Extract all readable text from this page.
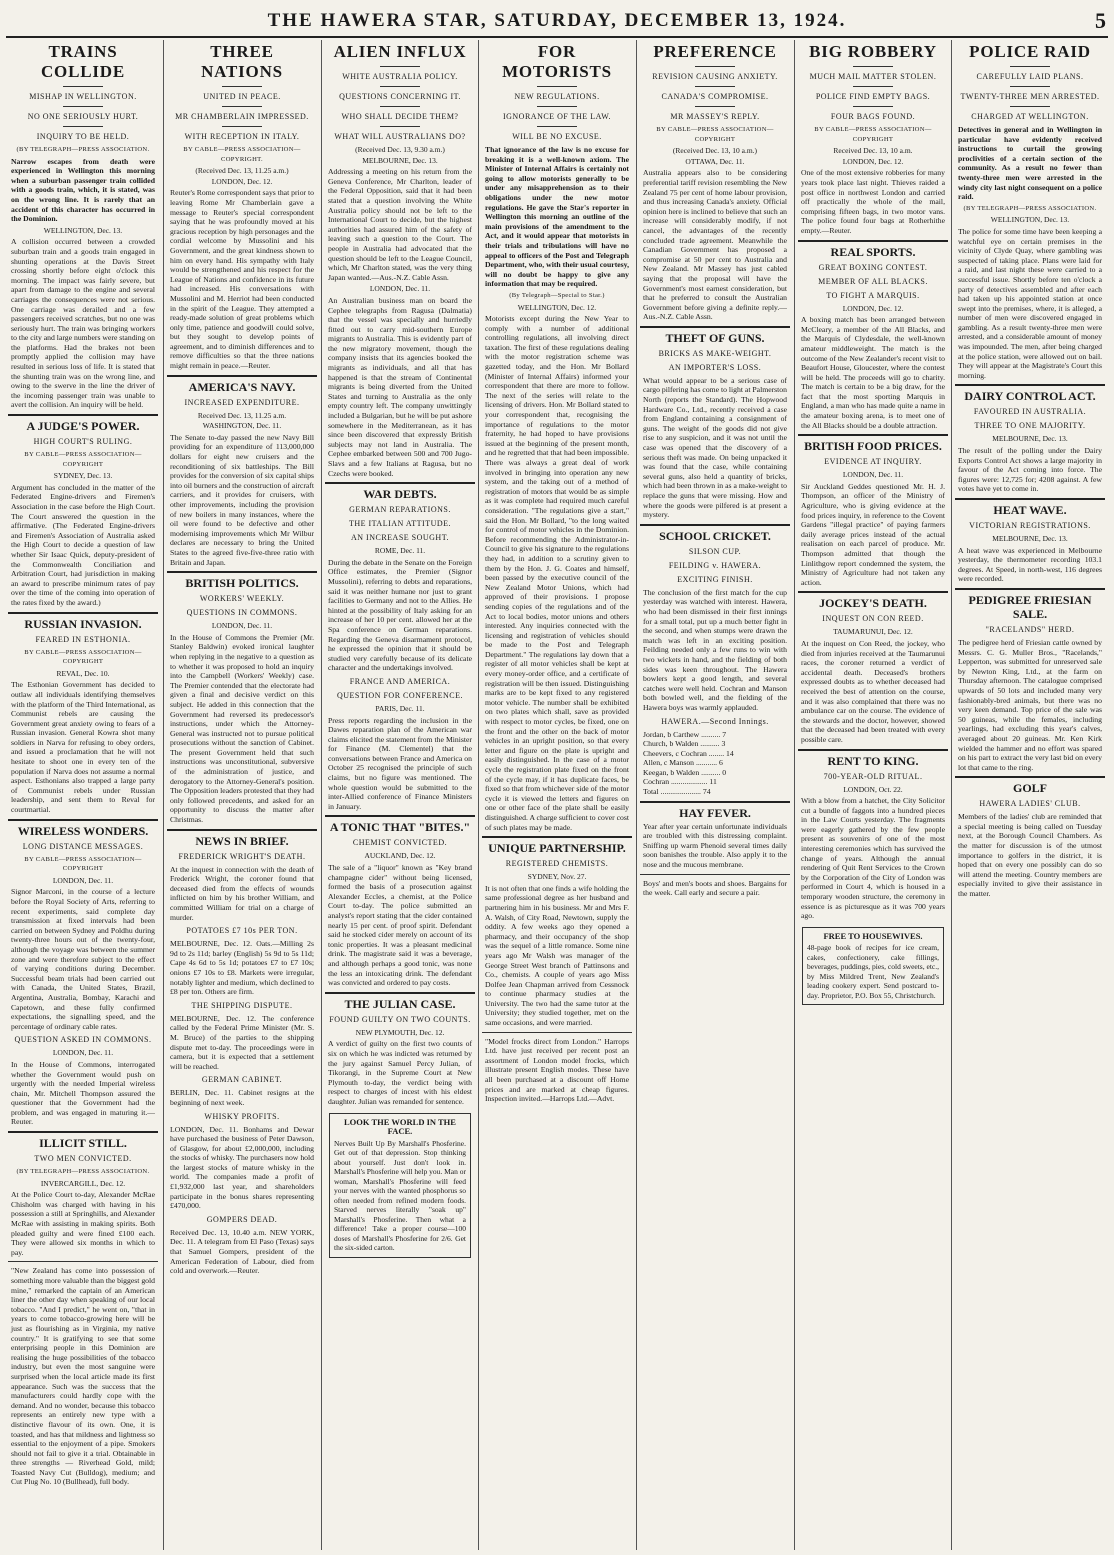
THE HAWERA STAR, SATURDAY, DECEMBER 13, 1924.	5
TRAINS COLLIDE
MISHAP IN WELLINGTON.
NO ONE SERIOUSLY HURT.
INQUIRY TO BE HELD.
(BY TELEGRAPH—PRESS ASSOCIATION.
Narrow escapes from death were experienced in Wellington this morning when a suburban passenger train collided with a goods train, which, it is stated, was on the wrong line. It is rarely that an accident of this character has occurred in the Dominion.
WELLINGTON, Dec. 13.
A collision occurred between a crowded suburban train and a goods train engaged in shunting operations at the Davis Street crossing shortly before eight o'clock this morning. The impact was fairly severe, but apart from damage to the engine and several carriages the consequences were not serious. One carriage was derailed and a few passengers received scratches, but no one was seriously hurt. The train was bringing workers to the city and large numbers were standing on the platforms. Had the brakes not been promptly applied the collision may have resulted in serious loss of life. It is stated that the shunting train was on the wrong line, and owing to the swerve in the line the driver of the incoming passenger train was unable to avert the collision. An inquiry will be held.
A JUDGE'S POWER.
HIGH COURT'S RULING.
BY CABLE—PRESS ASSOCIATION—COPYRIGHT
SYDNEY, Dec. 13.
Argument has concluded in the matter of the Federated Engine-drivers and Firemen's Association in the case before the High Court. The Court answered the question in the affirmative. (The Federated Engine-drivers and Firemen's Association of Australia asked the High Court to decide a question of law whether Sir Isaac Quick, deputy-president of the Commonwealth Conciliation and Arbitration Court, had jurisdiction in making an award to prescribe minimum rates of pay over the time of the coming into operation of the rates fixed by the award.)
RUSSIAN INVASION.
FEARED IN ESTHONIA.
BY CABLE—PRESS ASSOCIATION—COPYRIGHT
REVAL, Dec. 10.
The Esthonian Government has decided to outlaw all individuals identifying themselves with the platform of the Third International, as Communist rebels are causing the Government great anxiety owing to fears of a Russian invasion. General Kowra shot many soldiers in Narva for refusing to obey orders, and issued a proclamation that he will not hesitate to shoot one in every ten of the population if Narva does not assume a normal aspect. Esthonians also trapped a large party of Communist rebels under Russian leadership, and sent them to Reval for courtmartial.
WIRELESS WONDERS.
LONG DISTANCE MESSAGES.
BY CABLE—PRESS ASSOCIATION—COPYRIGHT
LONDON, Dec. 11.
Signor Marconi, in the course of a lecture before the Royal Society of Arts, referring to recent experiments, said complete day transmission at fixed intervals had been carried on between Sydney and Poldhu during twenty-three hours out of the twenty-four, although the voyage was between the summer zone and were therefore subject to the effect of varying conditions during December. Successful beam trials had been carried out with Canada, the United States, Brazil, Argentina, Australia, Bombay, Karachi and Capetown, and these fully confirmed expectations, the signalling speed, and the percentage of ordinary cable rates.
QUESTION ASKED IN COMMONS.
LONDON, Dec. 11.
In the House of Commons, interrogated whether the Government would push on urgently with the needed Imperial wireless chain, Mr. Mitchell Thompson assured the questioner that the Government had the problem, and was engaged in maturing it.—Reuter.
ILLICIT STILL.
TWO MEN CONVICTED.
(BY TELEGRAPH—PRESS ASSOCIATION.
INVERCARGILL, Dec. 12.
At the Police Court to-day, Alexander McRae Chisholm was charged with having in his possession a still at Springhills, and Alexander McRae with assisting in making spirits. Both pleaded guilty and were fined £100 each. They were allowed six months in which to pay.
"New Zealand has come into possession of something more valuable than the biggest gold mine," remarked the captain of an American liner the other day when speaking of our local tobacco. "And I predict," he went on, "that in years to come tobacco-growing here will be just as flourishing as in Virginia, my native country." It is gratifying to see that some enterprising people in this Dominion are realising the huge possibilities of the tobacco industry, but even the most sanguine were surprised when the local article made its first appearance. Such was the success that the manufacturers could hardly cope with the demand. And no wonder, because this tobacco represents an entirely new type with a distinctive flavour of its own. One, it is toasted, and has that mildness and lightness so essential to the enjoyment of a pipe. Smokers should not fail to give it a trial. Obtainable in three strengths — Riverhead Gold, mild; Toasted Navy Cut (Bulldog), medium; and Cut Plug No. 10 (Bullhead), full body.
THREE NATIONS
UNITED IN PEACE.
MR CHAMBERLAIN IMPRESSED.
WITH RECEPTION IN ITALY.
BY CABLE—PRESS ASSOCIATION—COPYRIGHT.
(Received Dec. 13, 11.25 a.m.)
LONDON, Dec. 12.
Reuter's Rome correspondent says that prior to leaving Rome Mr Chamberlain gave a message to Reuter's special correspondent saying that he was profoundly moved at his gracious reception by high personages and the cordial welcome by Mussolini and his Government, and the great kindness shown to him on every hand. His sympathy with Italy would be strengthened and his respect for the League of Nations and confidence in its future had increased. His conversations with Mussolini and M. Herriot had been conducted in the spirit of the League. They attempted a ready-made solution of great problems which only time, patience and goodwill could solve, but they sought to develop points of agreement, and to diminish differences and to remove difficulties so that the three nations might remain in peace.—Reuter.
AMERICA'S NAVY.
INCREASED EXPENDITURE.
Received Dec. 13, 11.25 a.m.
WASHINGTON, Dec. 11.
The Senate to-day passed the new Navy Bill providing for an expenditure of 113,000,000 dollars for eight new cruisers and the reconditioning of six battleships. The Bill provides for the conversion of six capital ships into oil burners and the construction of aircraft carriers, and it provides for cruisers, with other improvements, including the provision of new boilers in many instances, where the oil were found to be defective and other modernising improvements which Mr Wilbur declares are necessary to bring the United States to the agreed five-five-three ratio with Britain and Japan.
BRITISH POLITICS.
WORKERS' WEEKLY.
QUESTIONS IN COMMONS.
LONDON, Dec. 11.
In the House of Commons the Premier (Mr. Stanley Baldwin) evoked ironical laughter when replying in the negative to a question as to whether it was proposed to hold an inquiry into the Campbell (Workers' Weekly) case. The Premier contended that the electorate had given a final and decisive verdict on this subject. He added in this connection that the Government had reversed its predecessor's instructions, under which the Attorney-General was instructed not to pursue political prosecutions without the sanction of Cabinet. The present Government held that such instructions was unconstitutional, subversive of the administration of justice, and derogatory to the Attorney-General's position. The Opposition leaders protested that they had only followed precedents, and asked for an opportunity to discuss the matter after Christmas.
NEWS IN BRIEF.
FREDERICK WRIGHT'S DEATH.
At the inquest in connection with the death of Frederick Wright, the coroner found that deceased died from the effects of wounds inflicted on him by his brother William, and committed William for trial on a charge of murder.
POTATOES £7 10s PER TON.
MELBOURNE, Dec. 12. Oats.—Milling 2s 9d to 2s 11d; barley (English) 5s 9d to 5s 11d; Cape 4s 6d to 5s 1d; potatoes £7 to £7 10s; onions £7 10s to £8. Markets were irregular, notably lighter and medium, which declined to £8 per ton. Others are firm.
THE SHIPPING DISPUTE.
MELBOURNE, Dec. 12. The conference called by the Federal Prime Minister (Mr. S. M. Bruce) of the parties to the shipping dispute met to-day. The proceedings were in camera, but it is expected that a settlement will be reached.
GERMAN CABINET.
BERLIN, Dec. 11. Cabinet resigns at the beginning of next week.
WHISKY PROFITS.
LONDON, Dec. 11. Bonhams and Dewar have purchased the business of Peter Dawson, of Glasgow, for about £2,000,000, including the stocks of whisky. The purchasers now hold the largest stocks of mature whisky in the world. The companies made a profit of £1,932,000 last year, and shareholders participate in the bonus shares representing £470,000.
GOMPERS DEAD.
Received Dec. 13, 10.40 a.m. NEW YORK, Dec. 11. A telegram from El Paso (Texas) says that Samuel Gompers, president of the American Federation of Labour, died from cold and overwork.—Reuter.
ALIEN INFLUX
WHITE AUSTRALIA POLICY.
QUESTIONS CONCERNING IT.
WHO SHALL DECIDE THEM?
WHAT WILL AUSTRALIANS DO?
(Received Dec. 13, 9.30 a.m.)
MELBOURNE, Dec. 13.
Addressing a meeting on his return from the Geneva Conference, Mr Charlton, leader of the Federal Opposition, said that it had been stated that a question involving the White Australia policy should not be left to the International Court to decide, but the highest authorities had assured him of the safety of leaving such a question to the Court. The people in Australia had advocated that the question should be left to the League Council, which, Mr Charlton stated, was the very thing Japan wanted.—Aus.-N.Z. Cable Assn.
LONDON, Dec. 11.
An Australian business man on board the Cephee telegraphs from Ragusa (Dalmatia) that the vessel was specially and hurriedly fitted out to carry mid-southern Europe migrants to Australia. This is evidently part of the new migratory movement, though the company insists that its agencies booked the migrants as individuals, and all that has happened is that the stream of Continental migrants is being diverted from the United States and turning to Australia as the only empty country left. The company unwittingly included a Bulgarian, but he will be put ashore somewhere in the Mediterranean, as it has since been discovered that expressly British subjects may not land in Australia. The Cephee embarked between 500 and 700 Jugo-Slavs and a few Italians at Ragusa, but no Czechs were booked.
WAR DEBTS.
GERMAN REPARATIONS.
THE ITALIAN ATTITUDE.
AN INCREASE SOUGHT.
ROME, Dec. 11.
During the debate in the Senate on the Foreign Office estimates, the Premier (Signor Mussolini), referring to debts and reparations, said it was neither humane nor just to grant facilities to Germany and not to the Allies. He hinted at the possibility of Italy asking for an increase of her 10 per cent. allowed her at the Spa conference on German reparations. Regarding the Geneva disarmament protocol, he expressed the opinion that it should be studied very carefully because of its delicate character and the undertakings involved.
FRANCE AND AMERICA.
QUESTION FOR CONFERENCE.
PARIS, Dec. 11.
Press reports regarding the inclusion in the Dawes reparation plan of the American war claims elicited the statement from the Minister for Finance (M. Clementel) that the conversations between France and America on October 25 recognised the principle of such claims, but no figure was mentioned. The whole question would be submitted to the inter-Allied conference of Finance Ministers in January.
A TONIC THAT "BITES."
CHEMIST CONVICTED.
AUCKLAND, Dec. 12.
The sale of a "liquor" known as "Key brand champagne cider" without being licensed, formed the basis of a prosecution against Alexander Eccles, a chemist, at the Police Court to-day. The police submitted an analyst's report stating that the cider contained nearly 15 per cent. of proof spirit. Defendant said he stocked cider merely on account of its tonic properties. It was a pleasant medicinal drink. The magistrate said it was a beverage, and although perhaps a good tonic, was none the less an intoxicating drink. The defendant was convicted and ordered to pay costs.
THE JULIAN CASE.
FOUND GUILTY ON TWO COUNTS.
NEW PLYMOUTH, Dec. 12.
A verdict of guilty on the first two counts of six on which he was indicted was returned by the jury against Samuel Percy Julian, of Tikorangi, in the Supreme Court at New Plymouth to-day, the verdict being with respect to charges of incest with his eldest daughter. Julian was remanded for sentence.
LOOK THE WORLD IN THE FACE.
Nerves Built Up By Marshall's Phosferine. Get out of that depression. Stop thinking about yourself. Just don't look in. Marshall's Phosferine will help you. Man or woman, Marshall's Phosferine will feed your nerves with the wanted phosphorus so often needed from refined modern foods. Starved nerves literally "soak up" Marshall's Phosferine. Then what a difference! Take a proper course—100 doses of Marshall's Phosferine for 2/6. Get the six-sided carton.
FOR MOTORISTS
NEW REGULATIONS.
IGNORANCE OF THE LAW.
WILL BE NO EXCUSE.
That ignorance of the law is no excuse for breaking it is a well-known axiom. The Minister of Internal Affairs is certainly not going to allow motorists generally to be under any misapprehension as to their obligations under the new motor regulations. He gave the Star's reporter in Wellington this morning an outline of the main provisions of the amendment to the Act, and it would appear that motorists in their trials and tribulations will have no appeal to officers of the Post and Telegraph Department, who, with their usual courtesy, will no doubt be happy to give any information that may be required.
(By Telegraph—Special to Star.)
WELLINGTON, Dec. 12.
Motorists except during the New Year to comply with a number of additional controlling regulations, all involving direct taxation. The first of these regulations dealing with the motor registration scheme was gazetted today, and the Hon. Mr Bollard (Minister of Internal Affairs) informed your correspondent that there are more to follow. The next of the series will relate to the licensing of drivers. Hon. Mr Bollard stated to your correspondent that, recognising the importance of regulations to the motor fraternity, he had hoped to have provisions issued at the beginning of the present month, and he regretted that that had been impossible. There was always a great deal of work involved in bringing into operation any new system, and the taking out of a method of registration of motors that would be as simple as it was complete had required much careful consideration. "The regulations give a start," said the Hon. Mr Bollard, "to the long waited for control of motor vehicles in the Dominion. Before recommending the Administrator-in-Council to give his signature to the regulations they had, in addition to a scrutiny given to them by the Hon. J. G. Coates and himself, been passed by the executive council of the New Zealand Motor Unions, which had approved of their provisions. I propose sending copies of the regulations and of the Act to local bodies, motor unions and others interested. Any inquiries connected with the licensing and registration of vehicles should be made to the Post and Telegraph Department." The regulations lay down that a register of all motor vehicles shall be kept at every money-order office, and a certificate of registration will be then issued. Distinguishing marks are to be kept fixed to any registered motor vehicle. The number shall be exhibited on two plates which shall, save as provided with respect to motor cycles, be fixed, one on the front and the other on the back of motor vehicles in an upright position, so that every letter and figure on the plate is upright and easily distinguished. In the case of a motor cycle the registration plate fixed on the front of the cycle may, if it has duplicate faces, be fixed so that from whichever side of the motor cycle it is viewed the letters and figures on one or other face of the plate shall be easily distinguished. A charge sufficient to cover cost of such plates may be made.
UNIQUE PARTNERSHIP.
REGISTERED CHEMISTS.
SYDNEY, Nov. 27.
It is not often that one finds a wife holding the same professional degree as her husband and partnering him in his business. Mr and Mrs F. A. Walsh, of City Road, Newtown, supply the oddity. A few weeks ago they opened a pharmacy, and their occupancy of the shop was the sequel of a little romance. Some nine years ago Mr Walsh was manager of the George Street West branch of Pattinsons and Co., chemists. A couple of years ago Miss Dolfee Jean Chapman arrived from Cessnock to continue pharmacy studies at the University. The two had the same tutor at the University; they studied together, met on the same occasions, and were married.
"Model frocks direct from London." Harrops Ltd. have just received per recent post an assortment of London model frocks, which illustrate present English modes. These have all been purchased at a discount off Home prices and are marked at cheap figures. Inspection invited.—Harrops Ltd.—Advt.
PREFERENCE
REVISION CAUSING ANXIETY.
CANADA'S COMPROMISE.
MR MASSEY'S REPLY.
BY CABLE—PRESS ASSOCIATION—COPYRIGHT
(Received Dec. 13, 10 a.m.)
OTTAWA, Dec. 11.
Australia appears also to be considering preferential tariff revision resembling the New Zealand 75 per cent of home labour provision, and thus increasing Canada's anxiety. Official opinion here is inclined to believe that such an increase will considerably modify, if not cancel, the advantages of the recently concluded trade agreement. Meanwhile the Canadian Government has proposed a compromise at 50 per cent to Australia and New Zealand. Mr Massey has just cabled saying that the proposal will have the Government's most earnest consideration, but that he preferred to consult the Australian Government before giving a definite reply.—Aus.-N.Z. Cable Assn.
THEFT OF GUNS.
BRICKS AS MAKE-WEIGHT.
AN IMPORTER'S LOSS.
What would appear to be a serious case of cargo pilfering has come to light at Palmerston North (reports the Standard). The Hopwood Hardware Co., Ltd., recently received a case from England containing a consignment of guns. The weight of the goods did not give rise to any suspicion, and it was not until the case was opened that the discovery of a serious theft was made. On being unpacked it was found that the case, while containing several guns, also held a quantity of bricks, which had been thrown in as a make-weight to replace the guns that were missing. How and where the goods were pilfered is at present a mystery.
SCHOOL CRICKET.
SILSON CUP.
FEILDING v. HAWERA.
EXCITING FINISH.
The conclusion of the first match for the cup yesterday was watched with interest. Hawera, who had been dismissed in their first innings for a small total, put up a much better fight in the second, and when stumps were drawn the match was left in an exciting position. Feilding needed only a few runs to win with two wickets in hand, and the fielding of both sides was keen throughout. The Hawera bowlers kept a good length, and several catches were well held. Cochran and Manson both bowled well, and the fielding of the Hawera boys was warmly applauded.
HAWERA.—Second Innings.
Jordan, b Carthew .......... 7
Church, b Walden .......... 3
Cheevers, c Cochran ........ 14
Allen, c Manson ........... 6
Keegan, b Walden .......... 0
Cochran ................... 11
Total ..................... 74
HAY FEVER.
Year after year certain unfortunate individuals are troubled with this distressing complaint. Sniffing up warm Phenoid several times daily soon banishes the trouble. Also apply it to the nose and the mucous membrane.
Boys' and men's boots and shoes. Bargains for the week. Call early and secure a pair.
BIG ROBBERY
MUCH MAIL MATTER STOLEN.
POLICE FIND EMPTY BAGS.
FOUR BAGS FOUND.
BY CABLE—PRESS ASSOCIATION—COPYRIGHT
Received Dec. 13, 10 a.m.
LONDON, Dec. 12.
One of the most extensive robberies for many years took place last night. Thieves raided a post office in northwest London and carried off practically the whole of the mail, comprising fifteen bags, in two motor vans. The police found four bags at Rotherhithe empty.—Reuter.
REAL SPORTS.
GREAT BOXING CONTEST.
MEMBER OF ALL BLACKS.
TO FIGHT A MARQUIS.
LONDON, Dec. 12.
A boxing match has been arranged between McCleary, a member of the All Blacks, and the Marquis of Clydesdale, the well-known amateur middleweight. The match is the outcome of the New Zealander's recent visit to Beaufort House, Gloucester, where the contest will be held. The proceeds will go to charity. The match is certain to be a big draw, for the fact that the most sporting Marquis in England, a man who has made quite a name in the amateur boxing arena, is to meet one of the All Blacks should be a double attraction.
BRITISH FOOD PRICES.
EVIDENCE AT INQUIRY.
LONDON, Dec. 11.
Sir Auckland Geddes questioned Mr. H. J. Thompson, an officer of the Ministry of Agriculture, who is giving evidence at the food prices inquiry, in reference to the Covent Gardens "illegal practice" of paying farmers daily average prices instead of the actual realisation on each parcel of produce. Mr. Thompson admitted that though the Linlithgow report condemned the system, the Ministry of Agriculture had not taken any action.
JOCKEY'S DEATH.
INQUEST ON CON REED.
TAUMARUNUI, Dec. 12.
At the inquest on Con Reed, the jockey, who died from injuries received at the Taumarunui races, the coroner returned a verdict of accidental death. Deceased's brothers expressed doubts as to whether deceased had received the best of attention on the course, and it was also complained that there was no ambulance car on the course. The evidence of the stewards and the doctor, however, showed that the deceased had been treated with every possible care.
RENT TO KING.
700-YEAR-OLD RITUAL.
LONDON, Oct. 22.
With a blow from a hatchet, the City Solicitor cut a bundle of faggots into a hundred pieces in the Law Courts yesterday. The fragments were eagerly gathered by the few people present as souvenirs of one of the most interesting ceremonies which has survived the change of years. Although the annual rendering of Quit Rent Services to the Crown by the Corporation of the City of London was performed in Court 4, which is housed in a temporary wooden structure, the ceremony in essence is as picturesque as it was 700 years ago.
FREE TO HOUSEWIVES.
48-page book of recipes for ice cream, cakes, confectionery, cake fillings, beverages, puddings, pies, cold sweets, etc., by Miss Mildred Trent, New Zealand's leading cookery expert. Send postcard to-day. Proprietor, P.O. Box 55, Christchurch.
POLICE RAID
CAREFULLY LAID PLANS.
TWENTY-THREE MEN ARRESTED.
CHARGED AT WELLINGTON.
Detectives in general and in Wellington in particular have evidently received instructions to curtail the growing proclivities of a certain section of the community. As a result no fewer than twenty-three men were arrested in the windy city last night consequent on a police raid.
(BY TELEGRAPH—PRESS ASSOCIATION.
WELLINGTON, Dec. 13.
The police for some time have been keeping a watchful eye on certain premises in the vicinity of Clyde Quay, where gambling was suspected of taking place. Plans were laid for a raid, and last night these were carried to a successful issue. Shortly before ten o'clock a party of detectives assembled and after each had taken up his appointed station at once swept into the premises, where, it is alleged, a number of men were discovered engaged in gambling. As a result twenty-three men were arrested, and a considerable amount of money was impounded. The men, after being charged at the police station, were allowed out on bail. They will appear at the Magistrate's Court this morning.
DAIRY CONTROL ACT.
FAVOURED IN AUSTRALIA.
THREE TO ONE MAJORITY.
MELBOURNE, Dec. 13.
The result of the polling under the Dairy Exports Control Act shows a large majority in favour of the Act coming into force. The figures were: 12,725 for; 4208 against. A few votes have yet to come in.
HEAT WAVE.
VICTORIAN REGISTRATIONS.
MELBOURNE, Dec. 13.
A heat wave was experienced in Melbourne yesterday, the thermometer recording 103.1 degrees. At Speed, in north-west, 116 degrees were recorded.
PEDIGREE FRIESIAN SALE.
"RACELANDS" HERD.
The pedigree herd of Friesian cattle owned by Messrs. C. G. Muller Bros., "Racelands," Lepperton, was submitted for unreserved sale by Newton King, Ltd., at the farm on Thursday afternoon. The catalogue comprised upwards of 50 lots and included many very fashionably-bred animals, but there was no very keen demand. Top price of the sale was 50 guineas, while the females, including yearlings, had excluding this year's calves, averaged about 20 guineas. Mr. Ken Kirk wielded the hammer and no effort was spared on his part to extract the very last bid on every lot that came to the ring.
GOLF
HAWERA LADIES' CLUB.
Members of the ladies' club are reminded that a special meeting is being called on Tuesday next, at the Borough Council Chambers. As the matter for discussion is of the utmost importance to golfers in the district, it is hoped that on every one possibly can do so will attend the meeting. Country members are especially invited to give their assistance in the matter.
